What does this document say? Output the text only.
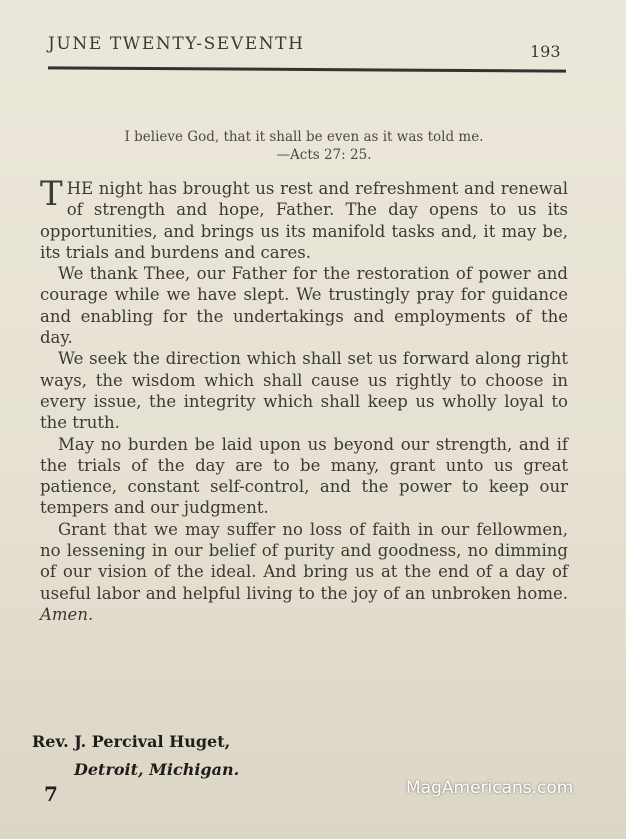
JUNE TWENTY-SEVENTH	193
I believe God, that it shall be even as it was told me.
—Acts 27: 25.

THE night has brought us rest and refreshment and renewal of strength and hope, Father. The day opens to us its opportunities, and brings us its manifold tasks and, it may be, its trials and burdens and cares.

We thank Thee, our Father for the restoration of power and courage while we have slept. We trustingly pray for guidance and enabling for the undertakings and employments of the day.

We seek the direction which shall set us forward along right ways, the wisdom which shall cause us rightly to choose in every issue, the integrity which shall keep us wholly loyal to the truth.

May no burden be laid upon us beyond our strength, and if the trials of the day are to be many, grant unto us great patience, constant self-control, and the power to keep our tempers and our judgment.

Grant that we may suffer no loss of faith in our fellowmen, no lessening in our belief of purity and goodness, no dimming of our vision of the ideal. And bring us at the end of a day of useful labor and helpful living to the joy of an unbroken home. Amen.

Rev. J. Percival Huget,
Detroit, Michigan.
7	MagAmericans.com
